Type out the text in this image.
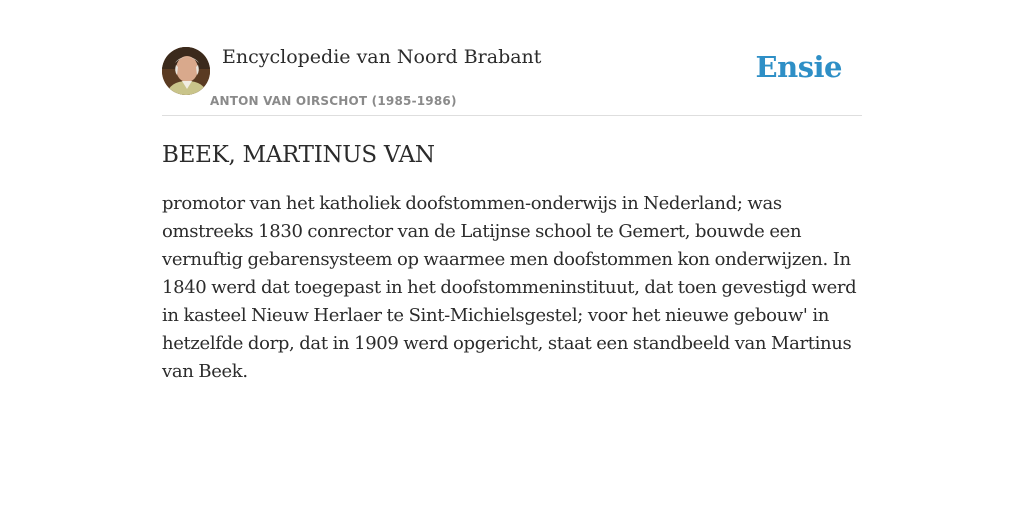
Encyclopedie van Noord Brabant
ANTON VAN OIRSCHOT (1985-1986)
Ensie
BEEK, MARTINUS VAN

promotor van het katholiek doofstommen-onderwijs in Nederland; was omstreeks 1830 conrector van de Latijnse school te Gemert, bouwde een vernuftig gebarensysteem op waarmee men doofstommen kon onderwijzen. In 1840 werd dat toegepast in het doofstommeninstituut, dat toen gevestigd werd in kasteel Nieuw Herlaer te Sint-Michielsgestel; voor het nieuwe gebouw' in hetzelfde dorp, dat in 1909 werd opgericht, staat een standbeeld van Martinus van Beek.
